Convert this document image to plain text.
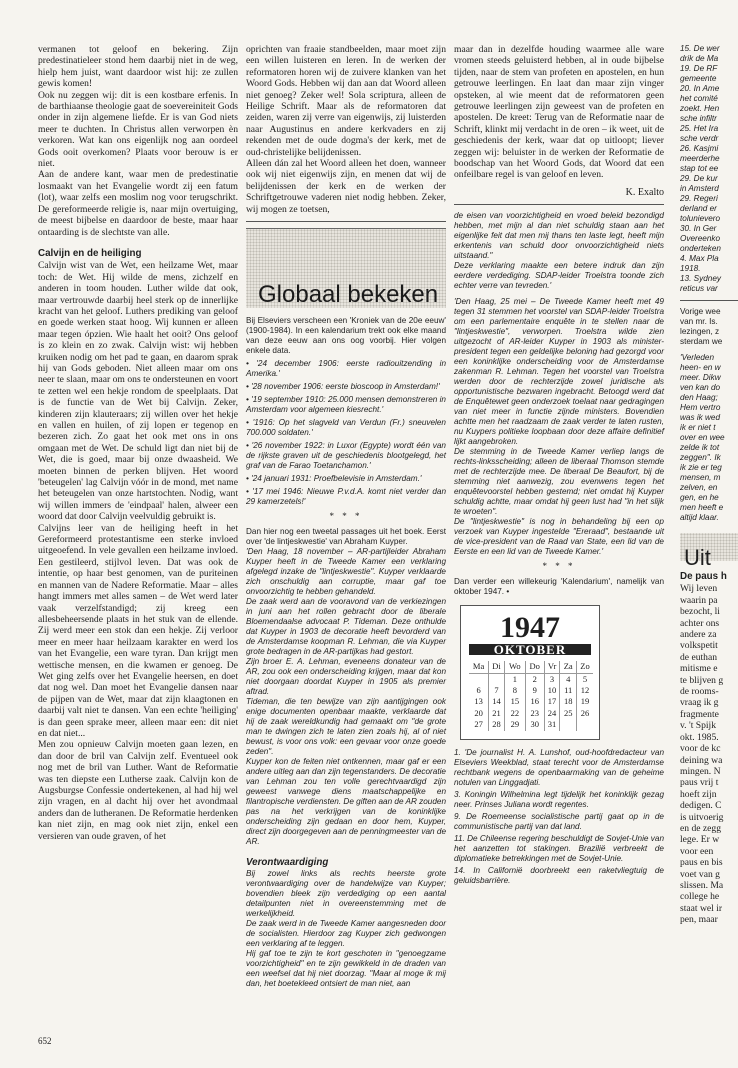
vermanen tot geloof en bekering. Zijn predestinatieleer stond hem daarbij niet in de weg, hielp hem juist, want daardoor wist hij: ze zullen gewis komen!

Ook nu zeggen wij: dit is een kostbare erfenis. In de barthiaanse theologie gaat de soevereiniteit Gods onder in zijn algemene liefde. Er is van God niets meer te duchten. In Christus allen verworpen èn verkoren. Wat kan ons eigenlijk nog aan oordeel Gods ooit overkomen? Plaats voor berouw is er niet.

Aan de andere kant, waar men de predestinatie losmaakt van het Evangelie wordt zij een fatum (lot), waar zelfs een moslim nog voor terugschrikt. De gereformeerde religie is, naar mijn overtuiging, de meest bijbelse en daardoor de beste, maar haar ontaarding is de slechtste van alle.

Calvijn en de heiliging

Calvijn wist van de Wet, een heilzame Wet, maar toch: de Wet. Hij wilde de mens, zichzelf en anderen in toom houden. Luther wilde dat ook, maar vertrouwde daarbij heel sterk op de innerlijke kracht van het geloof. Luthers prediking van geloof en goede werken staat hoog. Wij kunnen er alleen maar tegen ópzien. Wie haalt het ooit? Ons geloof is zo klein en zo zwak. Calvijn wist: wij hebben kruiken nodig om het pad te gaan, en daarom sprak hij van Gods geboden. Niet alleen maar om ons neer te slaan, maar om ons te ondersteunen en voort te zetten wel een hekje rondom de speelplaats. Dat is de functie van de Wet bij Calvijn. Zeker, kinderen zijn klauteraars; zij willen over het hekje en vallen en huilen, of zij lopen er tegenop en bezeren zich. Zo gaat het ook met ons in ons omgaan met de Wet. De schuld ligt dan niet bij de Wet, die is goed, maar bij onze dwaasheid. We moeten binnen de perken blijven. Het woord 'beteugelen' lag Calvijn vóór in de mond, met name het beteugelen van onze hartstochten. Nodig, want wij willen immers de 'eindpaal' halen, alweer een woord dat door Calvijn veelvuldig gebruikt is.

Calvijns leer van de heiliging heeft in het Gereformeerd protestantisme een sterke invloed uitgeoefend. In vele gevallen een heilzame invloed. Een gestileerd, stijlvol leven. Dat was ook de intentie, op haar best genomen, van de puriteinen en mannen van de Nadere Reformatie. Maar – alles hangt immers met alles samen – de Wet werd later vaak verzelfstandigd; zij kreeg een allesbeheersende plaats in het stuk van de ellende. Zij werd meer een stok dan een hekje. Zij verloor meer en meer haar heilzaam karakter en werd los van het Evangelie, een ware tyran. Dan krijgt men wettische mensen, en die kwamen er genoeg. De Wet ging zelfs over het Evangelie heersen, en doet dat nog wel. Dan moet het Evangelie dansen naar de pijpen van de Wet, maar dat zijn klaagtonen en daarbij valt niet te dansen. Van een echte 'heiliging' is dan geen sprake meer, alleen maar een: dit niet en dat niet...

Men zou opnieuw Calvijn moeten gaan lezen, en dan door de bril van Calvijn zelf. Eventueel ook nog met de bril van Luther. Want de Reformatie was ten diepste een Lutherse zaak. Calvijn kon de Augsburgse Confessie ondertekenen, al had hij wel zijn vragen, en al dacht hij over het avondmaal anders dan de lutheranen. De Reformatie herdenken kan niet zijn, en mag ook niet zijn, enkel een versieren van oude graven, of het

oprichten van fraaie standbeelden, maar moet zijn een willen luisteren en leren. In de werken der reformatoren horen wij de zuivere klanken van het Woord Gods. Hebben wij dan aan dat Woord alleen niet genoeg? Zeker wel! Sola scriptura, alleen de Heilige Schrift. Maar als de reformatoren dat zeiden, waren zij verre van eigenwijs, zij luisterden naar Augustinus en andere kerkvaders en zij rekenden met de oude dogma's der kerk, met de oud-christelijke belijdenissen.

Alleen dán zal het Woord alleen het doen, wanneer ook wij niet eigenwijs zijn, en menen dat wij de belijdenissen der kerk en de werken der Schriftgetrouwe vaderen niet nodig hebben. Zeker, wij mogen ze toetsen,

Globaal bekeken

Bij Elseviers verscheen een 'Kroniek van de 20e eeuw' (1900-1984). In een kalendarium trekt ook elke maand van deze eeuw aan ons oog voorbij. Hier volgen enkele data.

• '24 december 1906: eerste radiouitzending in Amerika.'

• '28 november 1906: eerste bioscoop in Amsterdam!'

• '19 september 1910: 25.000 mensen demonstreren in Amsterdam voor algemeen kiesrecht.'

• '1916: Op het slagveld van Verdun (Fr.) sneuvelen 700.000 soldaten.'

• '26 november 1922: in Luxor (Egypte) wordt één van de rijkste graven uit de geschiedenis blootgelegd, het graf van de Farao Toetanchamon.'

• '24 januari 1931: Proefbelevisie in Amsterdam.'

• '17 mei 1946: Nieuwe P.v.d.A. komt niet verder dan 29 kamerzetels!'

* * *

Dan hier nog een tweetal passages uit het boek. Eerst over 'de lintjeskwestie' van Abraham Kuyper.

'Den Haag, 18 november – AR-partijleider Abraham Kuyper heeft in de Tweede Kamer een verklaring afgelegd inzake de "lintjeskwestie". Kuyper verklaarde zich onschuldig aan corruptie, maar gaf toe onvoorzichtig te hebben gehandeld.

De zaak werd aan de vooravond van de verkiezingen in juni aan het rollen gebracht door de liberale Bloemendaalse advocaat P. Tideman. Deze onthulde dat Kuyper in 1903 de decoratie heeft bevorderd van de Amsterdamse koopman R. Lehman, die via Kuyper grote bedragen in de AR-partijkas had gestort.

Zijn broer E. A. Lehman, eveneens donateur van de AR, zou ook een onderscheiding krijgen, maar dat kon niet doorgaan doordat Kuyper in 1905 als premier aftrad.

Tideman, die ten bewijze van zijn aantijgingen ook enige documenten openbaar maakte, verklaarde dat hij de zaak wereldkundig had gemaakt om "de grote man te dwingen zich te laten zien zoals hij, al of niet bewust, is voor ons volk: een gevaar voor onze goede zeden".

Kuyper kon de feiten niet ontkennen, maar gaf er een andere uitleg aan dan zijn tegenstanders. De decoratie van Lehman zou ten volle gerechtvaardigd zijn geweest vanwege diens maatschappelijke en filantropische verdiensten. De giften aan de AR zouden pas na het verkrijgen van de koninklijke onderscheiding zijn gedaan en door hem, Kuyper, direct zijn doorgegeven aan de penningmeester van de AR.

Verontwaardiging

Bij zowel links als rechts heerste grote verontwaardiging over de handelwijze van Kuyper; bovendien bleek zijn verdediging op een aantal detailpunten niet in overeenstemming met de werkelijkheid.

De zaak werd in de Tweede Kamer aangesneden door de socialisten. Hierdoor zag Kuyper zich gedwongen een verklaring af te leggen.

Hij gaf toe te zijn te kort geschoten in "genoegzame voorzichtigheid" en te zijn gewikkeld in de draden van een weefsel dat hij niet doorzag. "Maar al moge ik mij dan, het boetekleed ontsiert de man niet, aan

maar dan in dezelfde houding waarmee alle ware vromen steeds geluisterd hebben, al in oude bijbelse tijden, naar de stem van profeten en apostelen, en hun getrouwe leerlingen. En laat dan maar zijn vinger opsteken, al wie meent dat de reformatoren geen getrouwe leerlingen zijn geweest van de profeten en apostelen. De kreet: Terug van de Reformatie naar de Schrift, klinkt mij verdacht in de oren – ik weet, uit de geschiedenis der kerk, waar dat op uitloopt; liever zeggen wij: beluister in de werken der Reformatie de boodschap van het Woord Gods, dat Woord dat een onfeilbare regel is van geloof en leven.

K. Exalto

de eisen van voorzichtigheid en vroed beleid bezondigd hebben, met mijn al dan niet schuldig staan aan het eigenlijke feit dat men mij thans ten laste legt, heeft mijn erkentenis van schuld door onvoorzichtigheid niets uitstaand."

Deze verklaring maakte een betere indruk dan zijn eerdere verdediging. SDAP-leider Troelstra toonde zich echter verre van tevreden.'

'Den Haag, 25 mei – De Tweede Kamer heeft met 49 tegen 31 stemmen het voorstel van SDAP-leider Troelstra om een parlementaire enquête in te stellen naar de "lintjeskwestie", verworpen. Troelstra wilde zien uitgezocht of AR-leider Kuyper in 1903 als minister-president tegen een geldelijke beloning had gezorgd voor een koninklijke onderscheiding voor de Amsterdamse zakenman R. Lehman. Tegen het voorstel van Troelstra werden door de rechterzijde zowel juridische als opportunistische bezwaren ingebracht. Betoogd werd dat de Enquêtewet geen onderzoek toelaat naar gedragingen van niet meer in functie zijnde ministers. Bovendien achtte men het raadzaam de zaak verder te laten rusten, nu Kuypers politieke loopbaan door deze affaire definitief lijkt aangebroken.

De stemming in de Tweede Kamer verliep langs de rechts-linksscheiding; alleen de liberaal Thomson stemde met de rechterzijde mee. De liberaal De Beaufort, bij de stemming niet aanwezig, zou evenwens tegen het enquêtevoorstel hebben gestemd; niet omdat hij Kuyper schuldig achtte, maar omdat hij geen lust had "in het slijk te wroeten".

De "lintjeskwestie" is nog in behandeling bij een op verzoek van Kuyper ingestelde "Ereraad", bestaande uit de vice-president van de Raad van State, een lid van de Eerste en een lid van de Tweede Kamer.'

* * *

Dan verder een willekeurig 'Kalendarium', namelijk van oktober 1947. •

1947
OKTOBER
Ma	Di	Wo	Do	Vr	Za	Zo
		1	2	3	4	5
6	7	8	9	10	11	12
13	14	15	16	17	18	19
20	21	22	23	24	25	26
27	28	29	30	31		

1. 'De journalist H. A. Lunshof, oud-hoofdredacteur van Elseviers Weekblad, staat terecht voor de Amsterdamse rechtbank wegens de openbaarmaking van de geheime notulen van Linggadjati.

3. Koningin Wilhelmina legt tijdelijk het koninklijk gezag neer. Prinses Juliana wordt regentes.

9. De Roemeense socialistische partij gaat op in de communistische partij van dat land.

11. De Chileense regering beschuldigt de Sovjet-Unie van het aanzetten tot stakingen. Brazilië verbreekt de diplomatieke betrekkingen met de Sovjet-Unie.

14. In Californië doorbreekt een raketvliegtuig de geluidsbarrière.

15. De wer

drik de Ma

19. De RF

gemeente

20. In Ame

het comité

zoekt. Hen

sche infiltr

25. Het Ira

sche verdr

26. Kasjmi

meerderhe

stap tot ee

29. De kur

in Amsterd

29. Regeri

derland er

tolunievero

30. In Ger

Overeenko

onderteken

4. Max Pla

1918.

13. Sydney

reticus var

Vorige wee

van mr. Is.

lezingen, z

sterdam we

'Verleden

heen- en w

meer. Dikw

ven kan do

den Haag;

Hem vertro

was ik wed

ik er niet t

over en wee

zelde ik tot

zeggen". Ik

ik zie er teg

mensen, m

zelven, en

gen, en he

men heeft e

altijd klaar.

Uit
De paus h

Wij leven

waarin pa

bezocht, li

achter ons

andere za

volkspetit

de euthan

mitisme e

te blijven g

de rooms-

vraag ik g

fragmente

v. 't Spijk

okt. 1985.

voor de kc

deining wa

mingen. N

paus vrij t

hoeft zijn

dedigen. C

is uitvoerig

en de zegg

lege. Er w

voor een

paus en bis

voet van g

slissen. Ma

college he

staat wel ir

pen, maar

652
